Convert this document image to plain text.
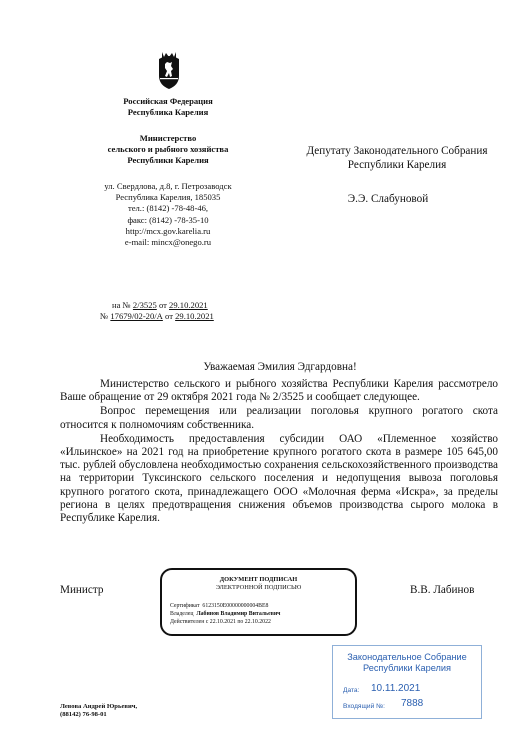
Российская Федерация
Республика Карелия
Министерство
сельского и рыбного хозяйства
Республики Карелия
ул. Свердлова, д.8, г. Петрозаводск
Республика Карелия, 185035
тел.: (8142) -78-48-46,
факс: (8142) -78-35-10
http://mcx.gov.karelia.ru
e-mail: mincx@onego.ru
Депутату Законодательного Собрания
Республики Карелия
Э.Э. Слабуновой
на № 2/3525 от 29.10.2021
№ 17679/02-20/А от 29.10.2021
Уважаемая Эмилия Эдгардовна!

Министерство сельского и рыбного хозяйства Республики Карелия рассмотрело Ваше обращение от 29 октября 2021 года № 2/3525 и сообщает следующее.

Вопрос перемещения или реализации поголовья крупного рогатого скота относится к полномочиям собственника.

Необходимость предоставления субсидии ОАО «Племенное хозяйство «Ильинское» на 2021 год на приобретение крупного рогатого скота в размере 105 645,00 тыс. рублей обусловлена необходимостью сохранения сельскохозяйственного производства на территории Туксинского сельского поселения и недопущения вывоза поголовья крупного рогатого скота, принадлежащего ООО «Молочная ферма «Искра», за пределы региона в целях предотвращения снижения объемов производства сырого молока в Республике Карелия.

Министр	В.В. Лабинов
ДОКУМЕНТ ПОДПИСАН
ЭЛЕКТРОННОЙ ПОДПИСЬЮ
Сертификат 6123150E00000000004BE8
Владелец Лабинов Владимир Витальевич
Действителен с 22.10.2021 по 22.10.2022
Законодательное Собрание
Республики Карелия
Дата: 10.11.2021
Входящий №: 7888
Левова Андрей Юрьевич,
(88142) 76-98-01
